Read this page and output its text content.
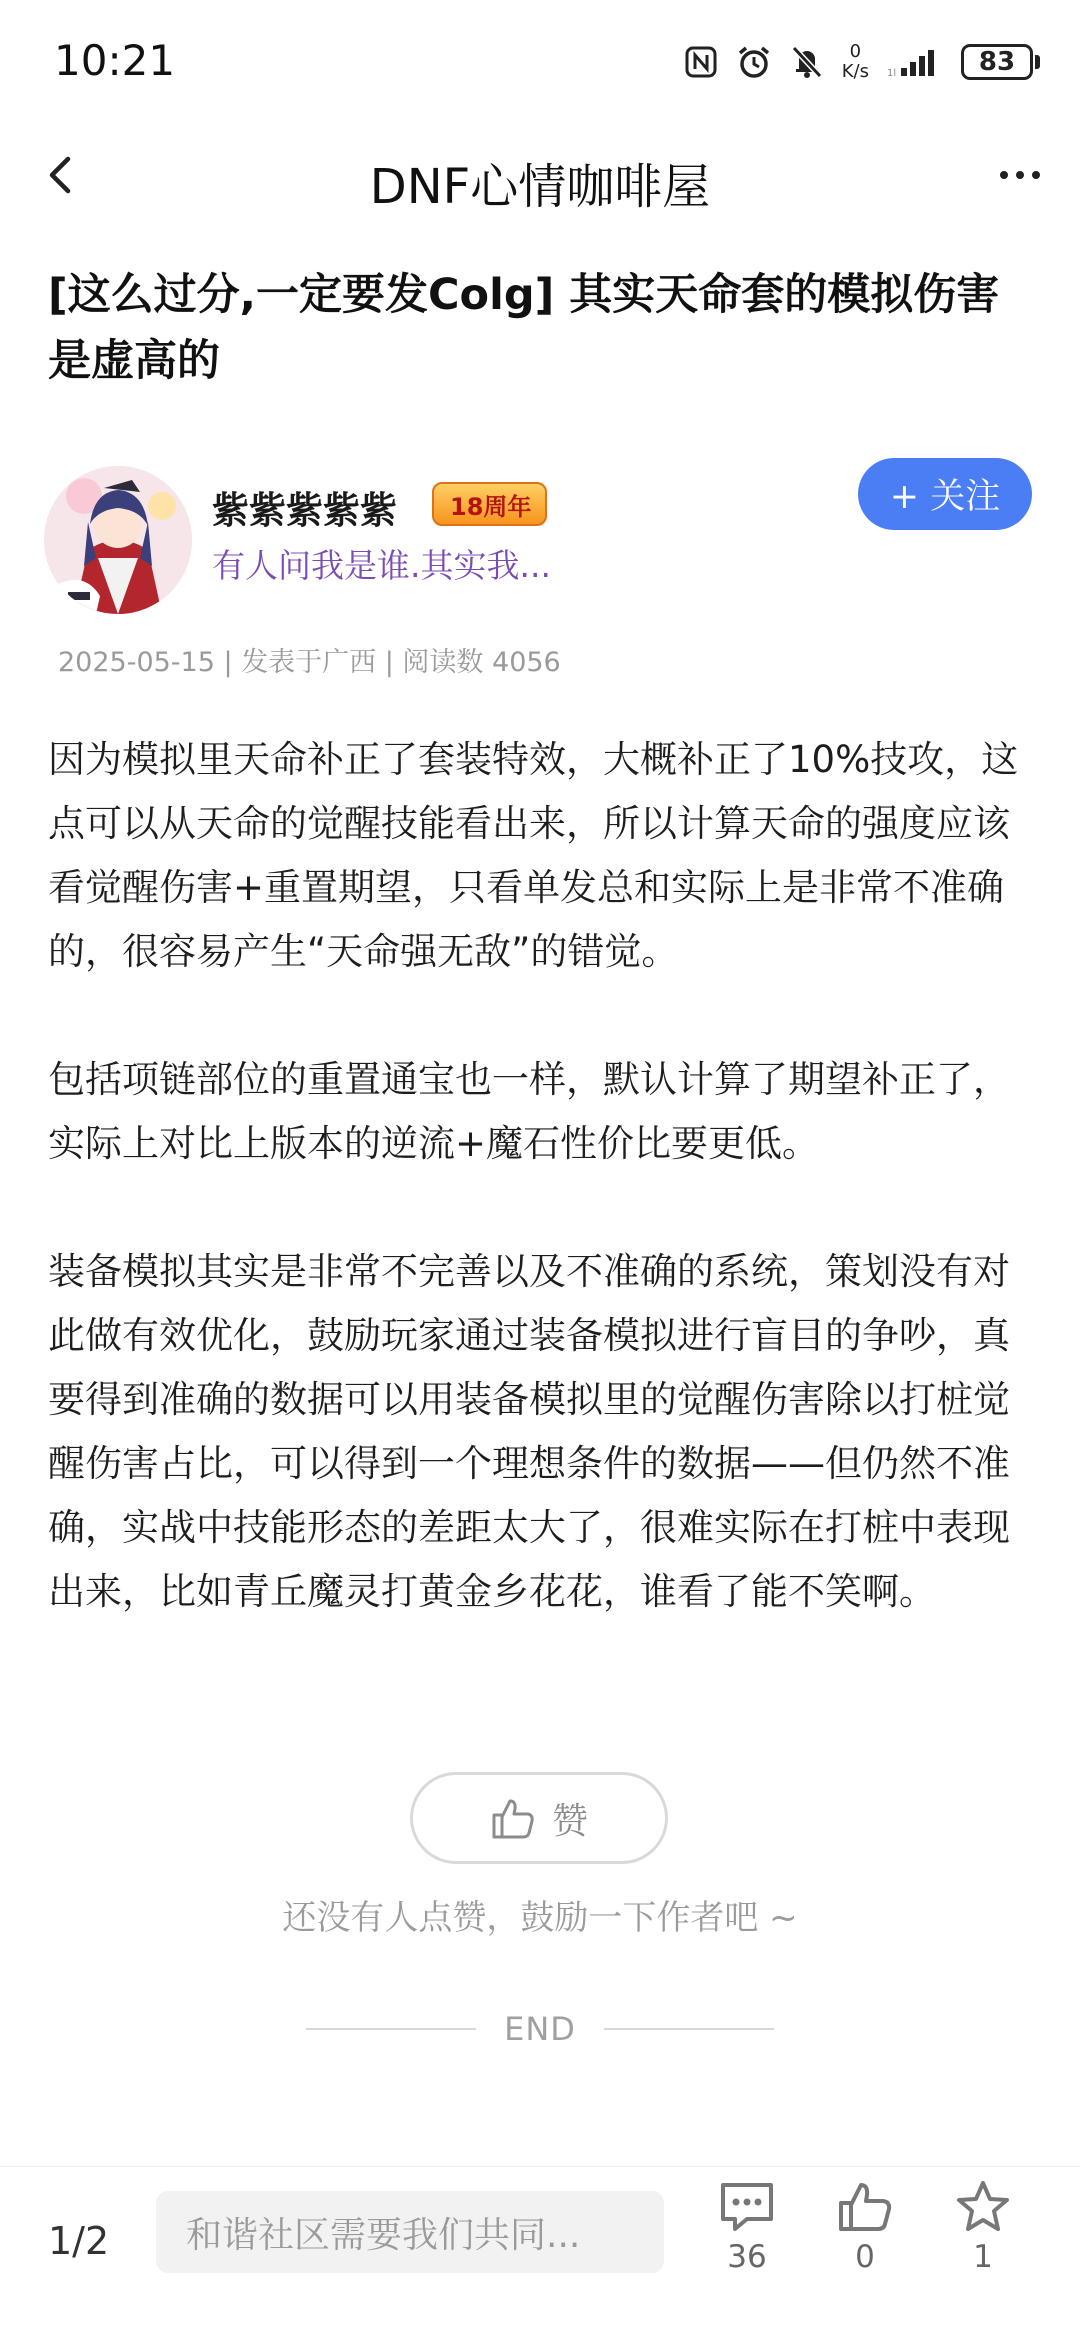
10:21	0
K/s 1l	83
DNF心情咖啡屋
[这么过分,一定要发Colg] 其实天命套的模拟伤害是虚高的
紫紫紫紫紫 18周年
有人问我是谁.其实我...
+ 关注
2025-05-15 | 发表于广西 | 阅读数 4056

因为模拟里天命补正了套装特效，大概补正了10%技攻，这点可以从天命的觉醒技能看出来，所以计算天命的强度应该看觉醒伤害+重置期望，只看单发总和实际上是非常不准确的，很容易产生“天命强无敌”的错觉。

包括项链部位的重置通宝也一样，默认计算了期望补正了，实际上对比上版本的逆流+魔石性价比要更低。

装备模拟其实是非常不完善以及不准确的系统，策划没有对此做有效优化，鼓励玩家通过装备模拟进行盲目的争吵，真要得到准确的数据可以用装备模拟里的觉醒伤害除以打桩觉醒伤害占比，可以得到一个理想条件的数据——但仍然不准确，实战中技能形态的差距太大了，很难实际在打桩中表现出来，比如青丘魔灵打黄金乡花花，谁看了能不笑啊。

赞
还没有人点赞，鼓励一下作者吧 ~
END
1/2	和谐社区需要我们共同...
36	0	1
